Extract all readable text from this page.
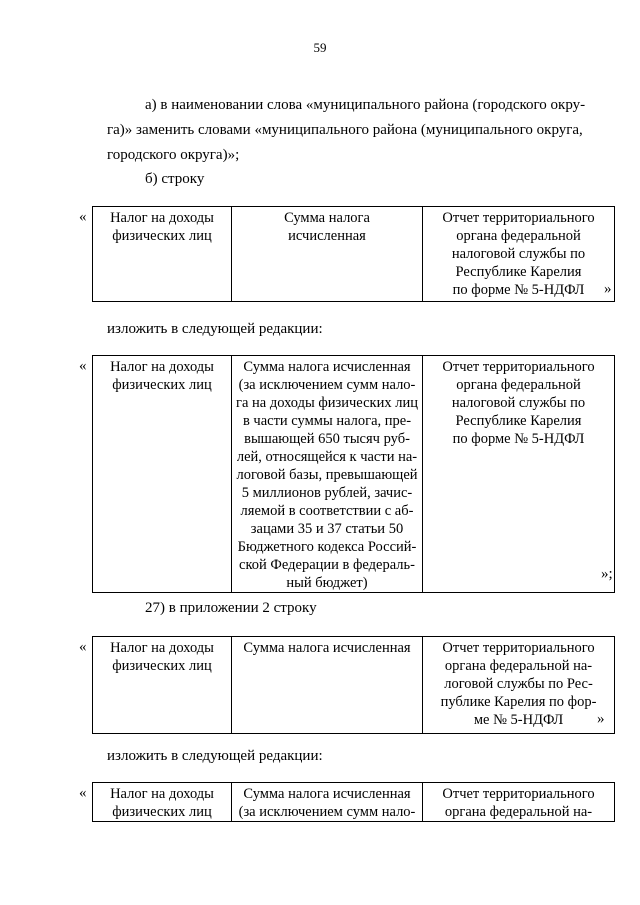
59
а) в наименовании слова «муниципального района (городского окру-
га)» заменить словами «муниципального района (муниципального округа,
городского округа)»;
б) строку
« Налог на доходы
физических лиц	Сумма налога
исчисленная	Отчет территориального
органа федеральной
налоговой службы по
Республике Карелия
по форме № 5-НДФЛ »
изложить в следующей редакции:
« Налог на доходы
физических лиц	Сумма налога исчисленная
(за исключением сумм нало-
га на доходы физических лиц
в части суммы налога, пре-
вышающей 650 тысяч руб-
лей, относящейся к части на-
логовой базы, превышающей
5 миллионов рублей, зачис-
ляемой в соответствии с аб-
зацами 35 и 37 статьи 50
Бюджетного кодекса Россий-
ской Федерации в федераль-
ный бюджет)	Отчет территориального
органа федеральной
налоговой службы по
Республике Карелия
по форме № 5-НДФЛ
»;
27) в приложении 2 строку
« Налог на доходы
физических лиц	Сумма налога исчисленная	Отчет территориального
органа федеральной на-
логовой службы по Рес-
публике Карелия по фор-
ме № 5-НДФЛ »
изложить в следующей редакции:
« Налог на доходы
физических лиц	Сумма налога исчисленная
(за исключением сумм нало-	Отчет территориального
органа федеральной на-
